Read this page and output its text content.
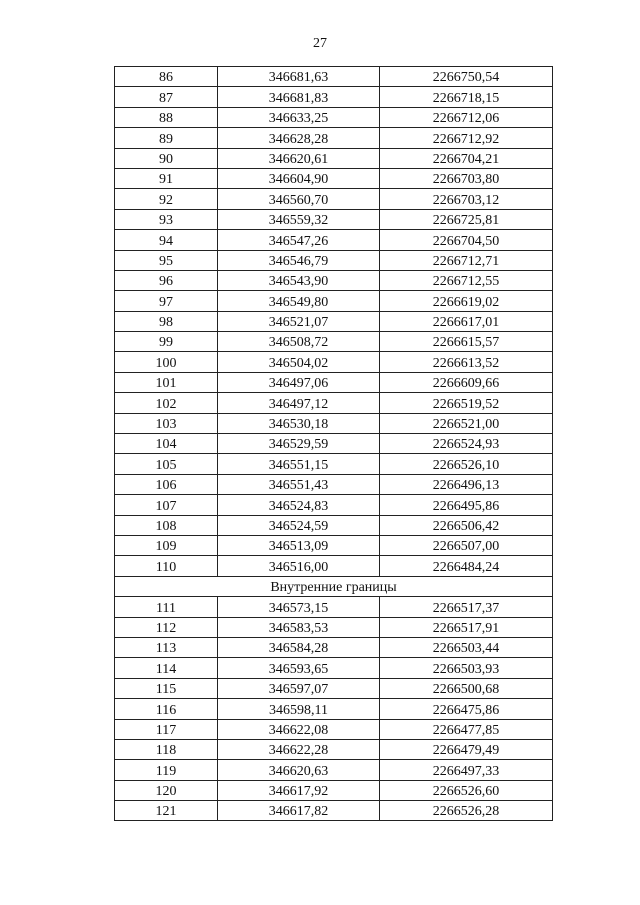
27
86	346681,63	2266750,54
87	346681,83	2266718,15
88	346633,25	2266712,06
89	346628,28	2266712,92
90	346620,61	2266704,21
91	346604,90	2266703,80
92	346560,70	2266703,12
93	346559,32	2266725,81
94	346547,26	2266704,50
95	346546,79	2266712,71
96	346543,90	2266712,55
97	346549,80	2266619,02
98	346521,07	2266617,01
99	346508,72	2266615,57
100	346504,02	2266613,52
101	346497,06	2266609,66
102	346497,12	2266519,52
103	346530,18	2266521,00
104	346529,59	2266524,93
105	346551,15	2266526,10
106	346551,43	2266496,13
107	346524,83	2266495,86
108	346524,59	2266506,42
109	346513,09	2266507,00
110	346516,00	2266484,24
Внутренние границы		
111	346573,15	2266517,37
112	346583,53	2266517,91
113	346584,28	2266503,44
114	346593,65	2266503,93
115	346597,07	2266500,68
116	346598,11	2266475,86
117	346622,08	2266477,85
118	346622,28	2266479,49
119	346620,63	2266497,33
120	346617,92	2266526,60
121	346617,82	2266526,28
